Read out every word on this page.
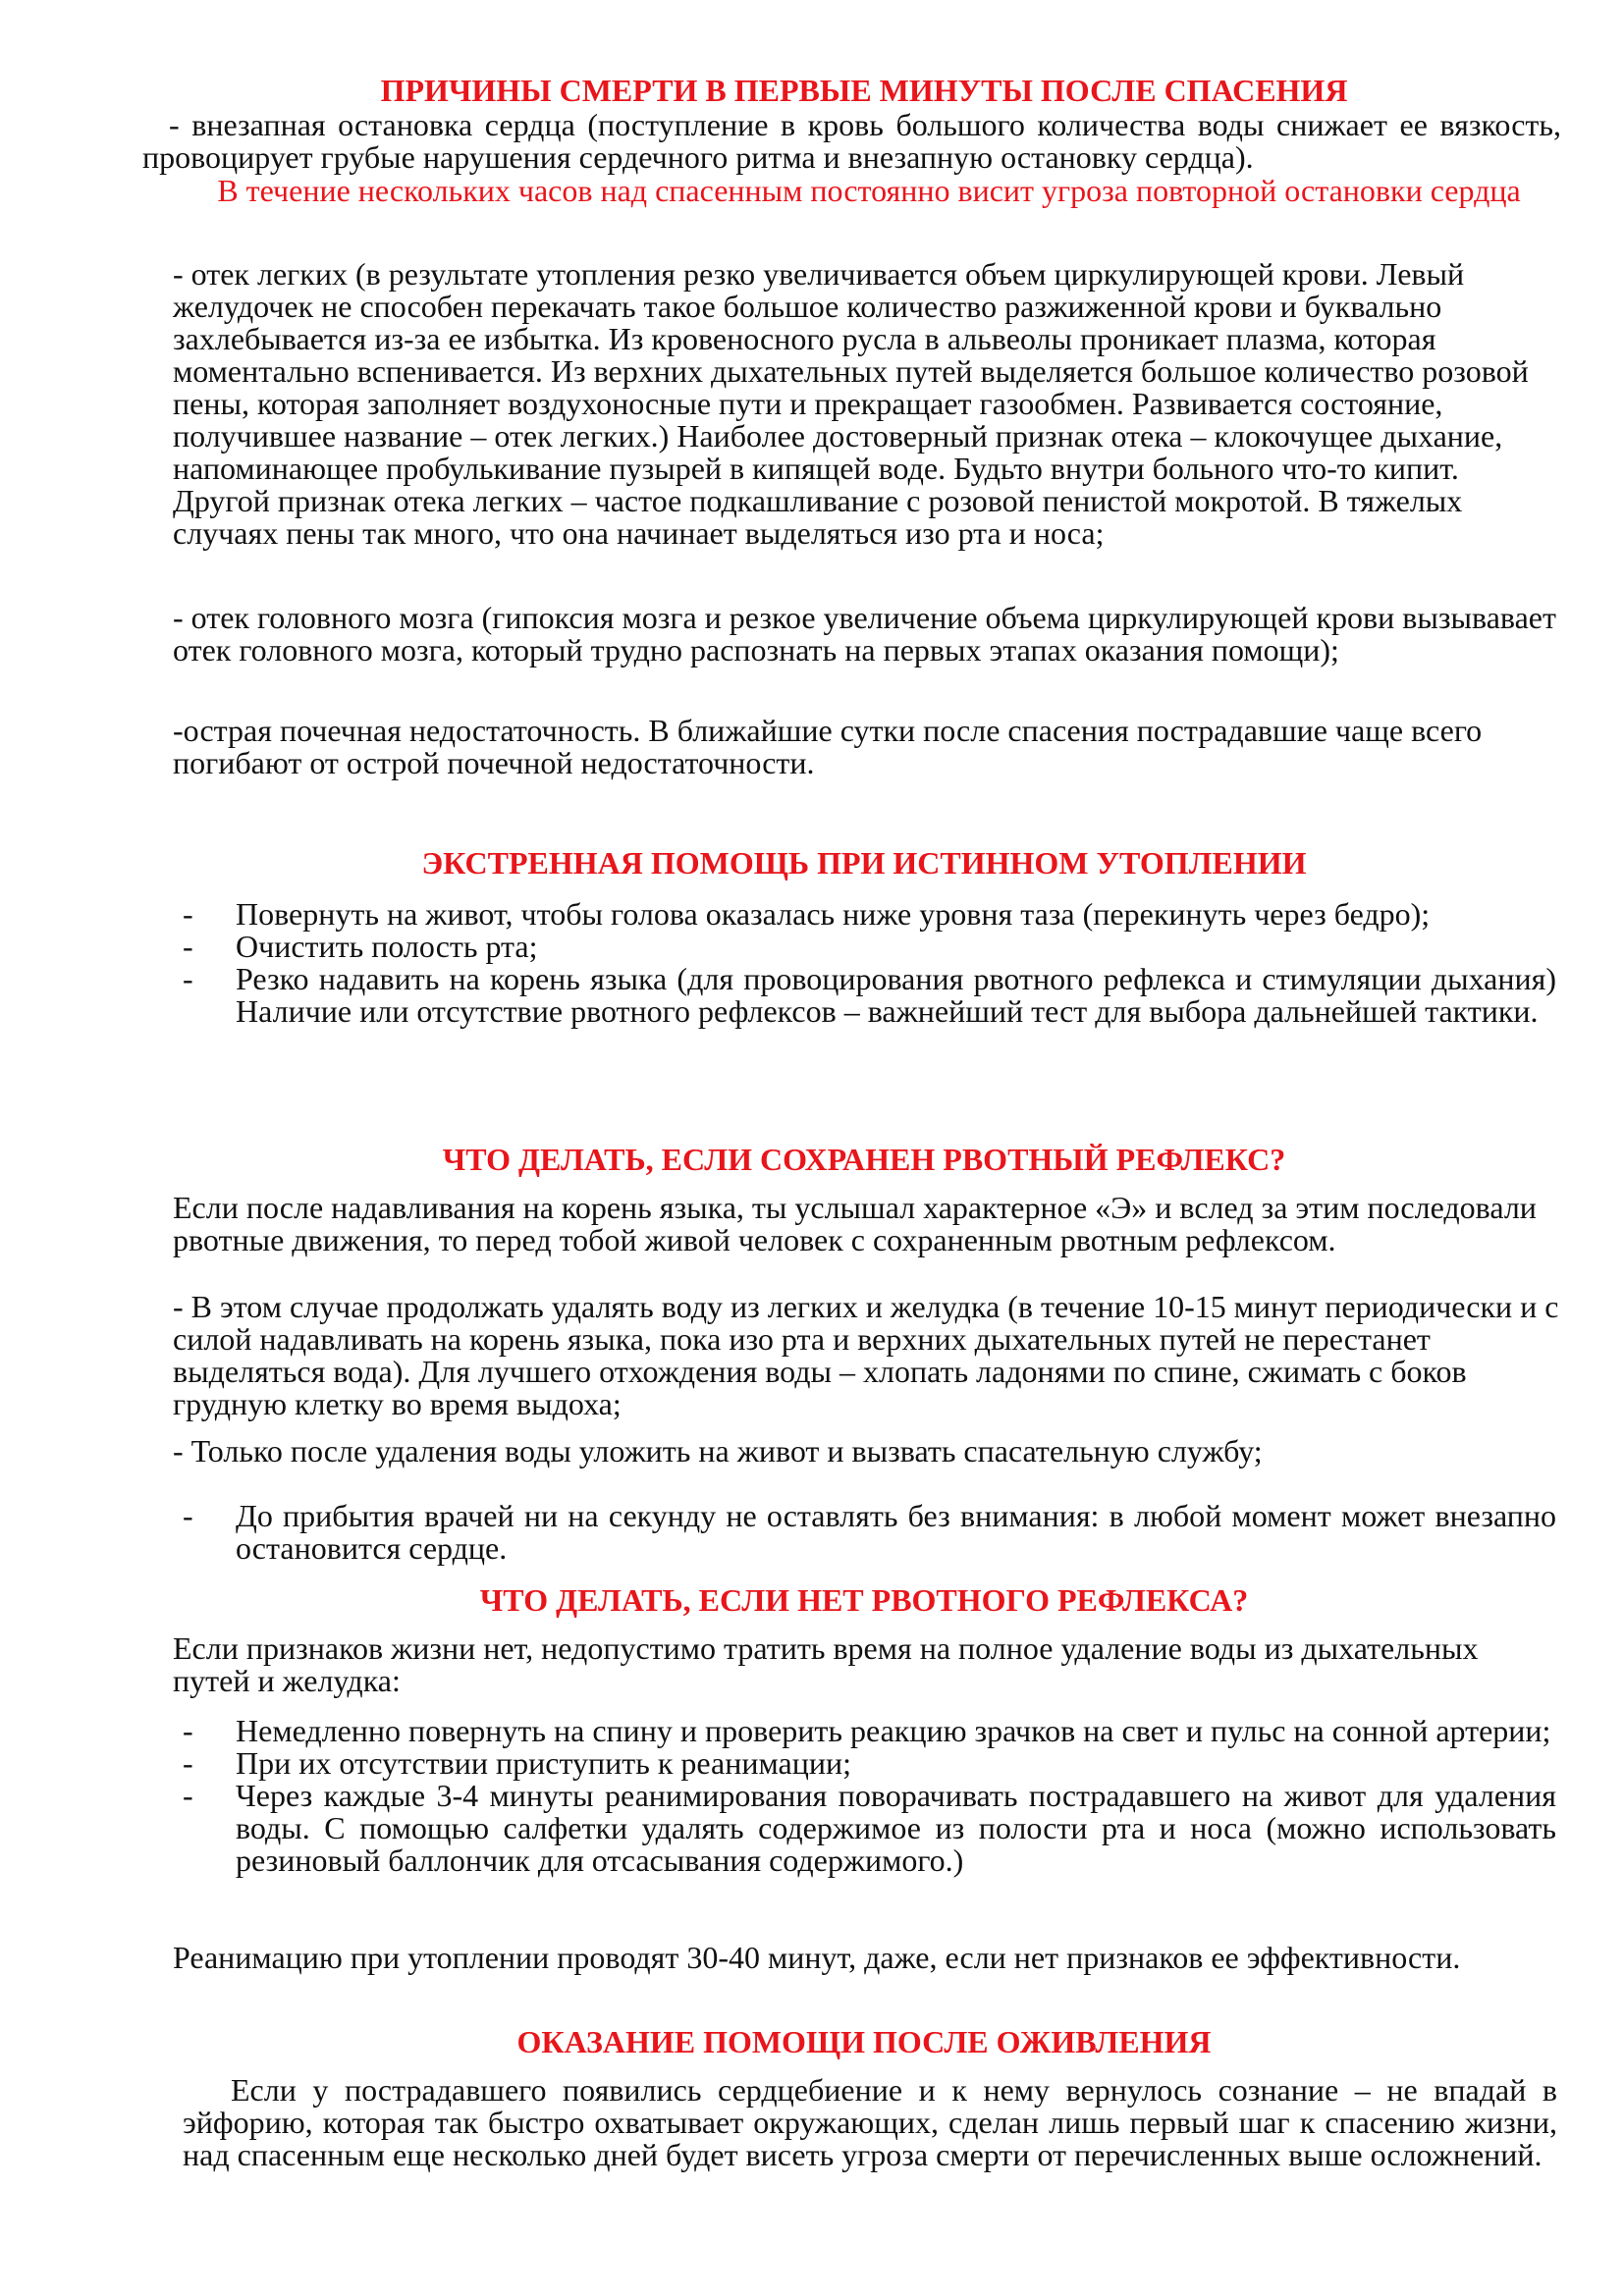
ПРИЧИНЫ СМЕРТИ В ПЕРВЫЕ МИНУТЫ ПОСЛЕ СПАСЕНИЯ

- внезапная остановка сердца (поступление в кровь большого количества воды снижает ее вязкость, провоцирует грубые нарушения сердечного ритма и внезапную остановку сердца).

В течение нескольких часов над спасенным постоянно висит угроза повторной остановки сердца

- отек легких (в результате утопления резко увеличивается объем циркулирующей крови. Левый желудочек не способен перекачать такое большое количество разжиженной крови и буквально захлебывается из-за ее избытка. Из кровеносного русла в альвеолы проникает плазма, которая моментально вспенивается. Из верхних дыхательных путей выделяется большое количество розовой пены, которая заполняет воздухоносные пути и прекращает газообмен. Развивается состояние, получившее название – отек легких.) Наиболее достоверный признак отека – клокочущее дыхание, напоминающее пробулькивание пузырей в кипящей воде. Будьто внутри больного что-то кипит. Другой признак отека легких – частое подкашливание с розовой пенистой мокротой. В тяжелых случаях пены так много, что она начинает выделяться изо рта и носа;

- отек головного мозга (гипоксия мозга и резкое увеличение объема циркулирующей крови вызывавает отек головного мозга, который трудно распознать на первых этапах оказания помощи);

-острая почечная недостаточность. В ближайшие сутки после спасения пострадавшие чаще всего погибают от острой почечной недостаточности.

ЭКСТРЕННАЯ ПОМОЩЬ ПРИ ИСТИННОМ УТОПЛЕНИИ
- Повернуть на живот, чтобы голова оказалась ниже уровня таза (перекинуть через бедро);
- Очистить полость рта;
- Резко надавить на корень языка (для провоцирования рвотного рефлекса и стимуляции дыхания) Наличие или отсутствие рвотного рефлексов – важнейший тест для выбора дальнейшей тактики.
ЧТО ДЕЛАТЬ, ЕСЛИ СОХРАНЕН РВОТНЫЙ РЕФЛЕКС?

Если после надавливания на корень языка, ты услышал характерное «Э» и вслед за этим последовали рвотные движения, то перед тобой живой человек с сохраненным рвотным рефлексом.

- В этом случае продолжать удалять воду из легких и желудка (в течение 10-15 минут периодически и с силой надавливать на корень языка, пока изо рта и верхних дыхательных путей не перестанет выделяться вода). Для лучшего отхождения воды – хлопать ладонями по спине, сжимать с боков грудную клетку во время выдоха;

- Только после удаления воды уложить на живот и вызвать спасательную службу;

- До прибытия врачей ни на секунду не оставлять без внимания: в любой момент может внезапно остановится сердце.
ЧТО ДЕЛАТЬ, ЕСЛИ НЕТ РВОТНОГО РЕФЛЕКСА?

Если признаков жизни нет, недопустимо тратить время на полное удаление воды из дыхательных путей и желудка:

- Немедленно повернуть на спину и проверить реакцию зрачков на свет и пульс на сонной артерии;
- При их отсутствии приступить к реанимации;
- Через каждые 3-4 минуты реанимирования поворачивать пострадавшего на живот для удаления воды. С помощью салфетки удалять содержимое из полости рта и носа (можно использовать резиновый баллончик для отсасывания содержимого.)

Реанимацию при утоплении проводят 30-40 минут, даже, если нет признаков ее эффективности.

ОКАЗАНИЕ ПОМОЩИ ПОСЛЕ ОЖИВЛЕНИЯ

Если у пострадавшего появились сердцебиение и к нему вернулось сознание – не впадай в эйфорию, которая так быстро охватывает окружающих, сделан лишь первый шаг к спасению жизни, над спасенным еще несколько дней будет висеть угроза смерти от перечисленных выше осложнений.
